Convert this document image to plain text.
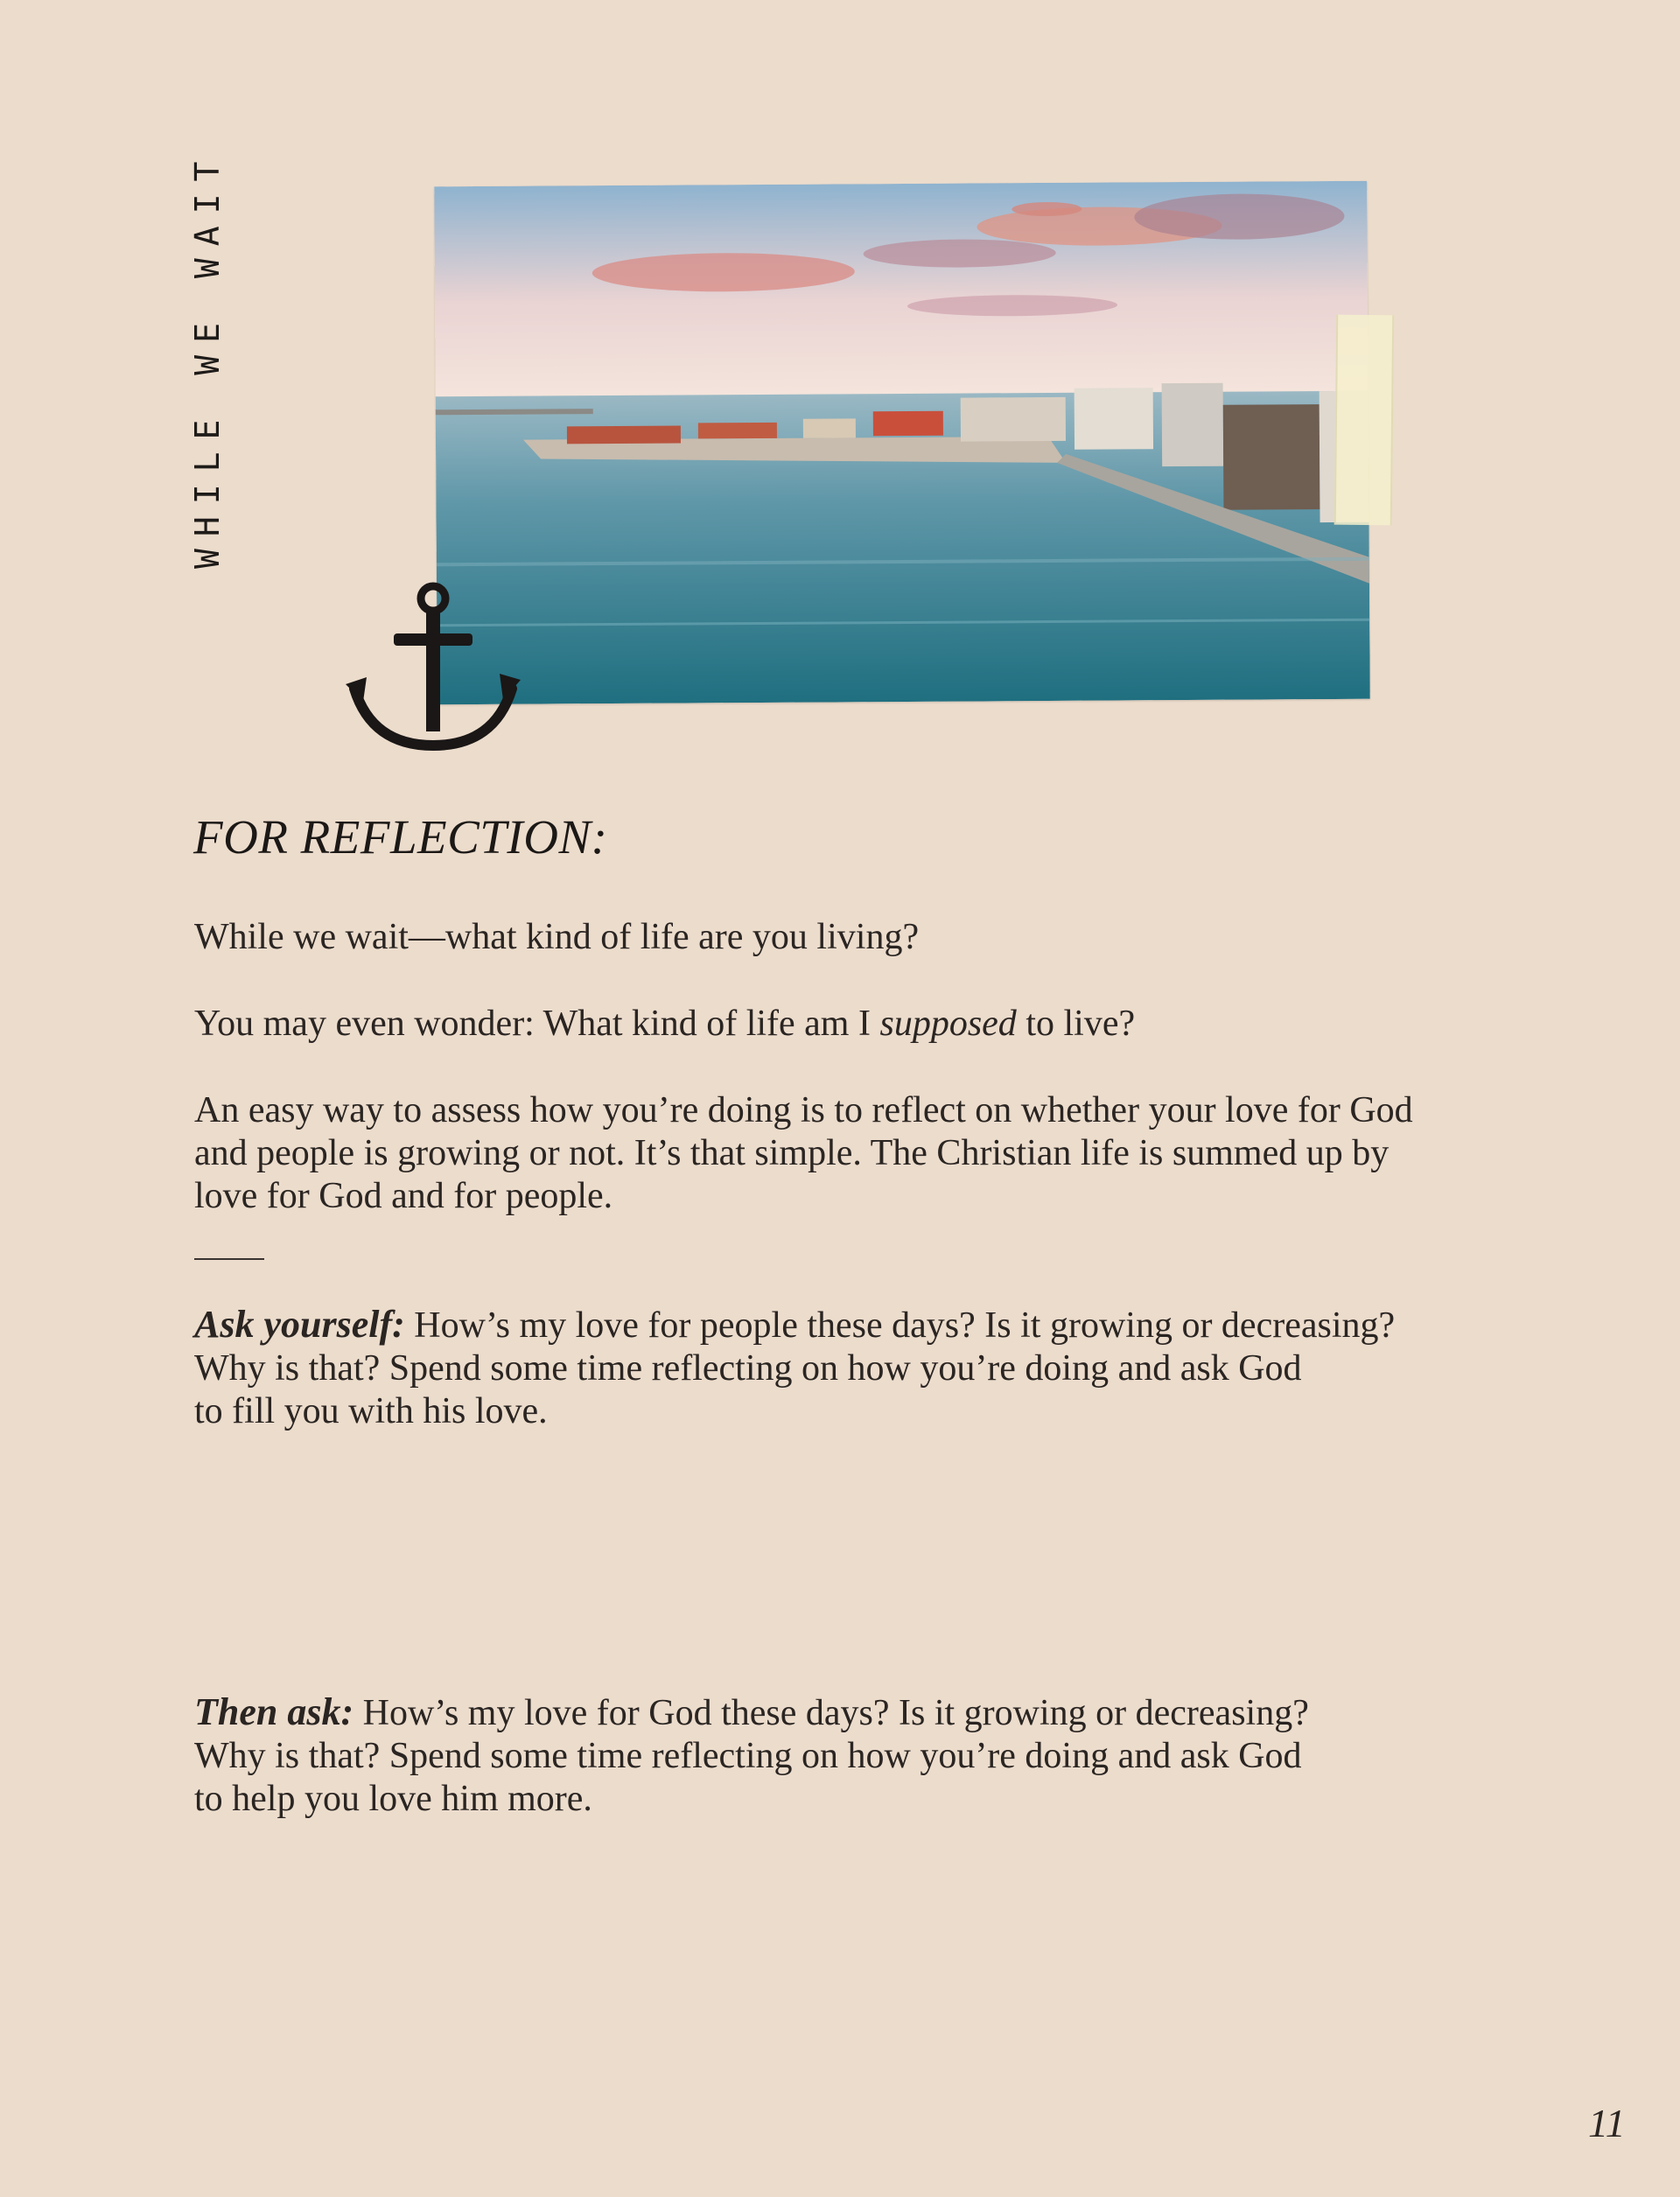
WHILE WE WAIT
FOR REFLECTION:

While we wait—what kind of life are you living?

You may even wonder: What kind of life am I supposed to live?

An easy way to assess how you’re doing is to reflect on whether your love for God
and people is growing or not. It’s that simple. The Christian life is summed up by
love for God and for people.

Ask yourself: How’s my love for people these days? Is it growing or decreasing?
Why is that? Spend some time reflecting on how you’re doing and ask God
to fill you with his love.

Then ask: How’s my love for God these days? Is it growing or decreasing?
Why is that? Spend some time reflecting on how you’re doing and ask God
to help you love him more.

11
